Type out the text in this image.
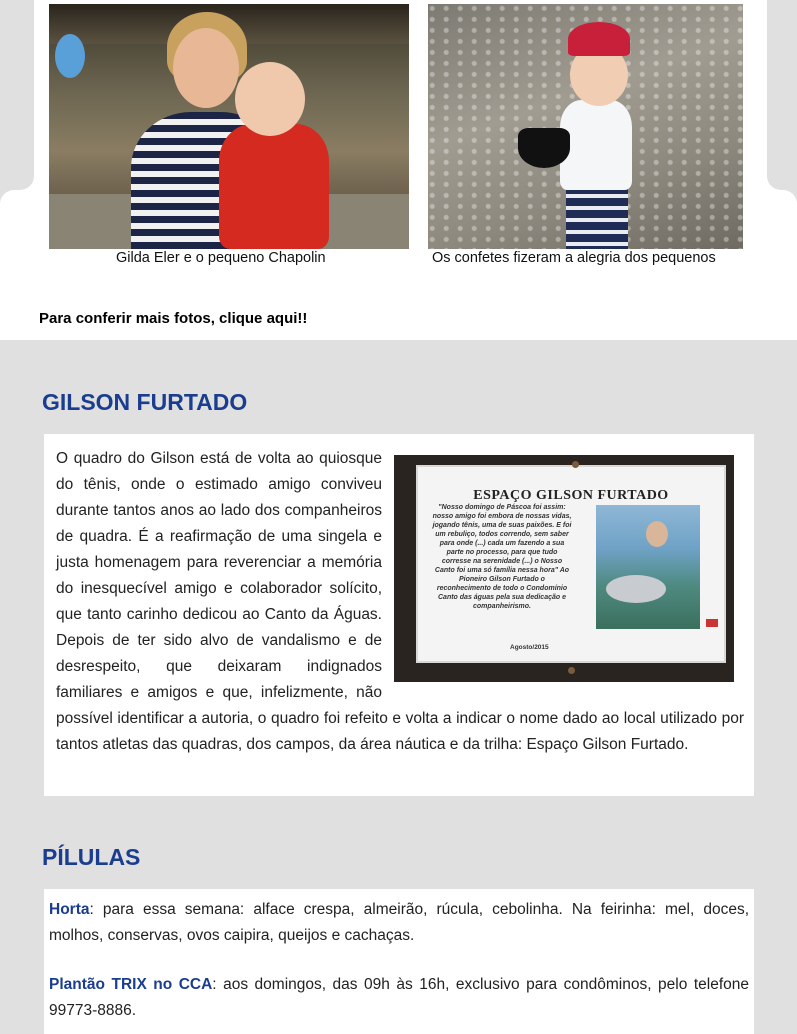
Gilda Eler e o pequeno Chapolin	Os confetes fizeram a alegria dos pequenos
Para conferir mais fotos, clique aqui!!
GILSON FURTADO
ESPAÇO GILSON FURTADO
"Nosso domingo de Páscoa foi assim: nosso amigo foi embora de nossas vidas, jogando tênis, uma de suas paixões. E foi um rebuliço, todos correndo, sem saber para onde (...) cada um fazendo a sua parte no processo, para que tudo corresse na serenidade (...) o Nosso Canto foi uma só família nessa hora" Ao Pioneiro Gilson Furtado o reconhecimento de todo o Condomínio Canto das águas pela sua dedicação e companheirismo.
Agosto/2015
O quadro do Gilson está de volta ao quiosque do tênis, onde o estimado amigo conviveu durante tantos anos ao lado dos companheiros de quadra. É a reafirmação de uma singela e justa homenagem para reverenciar a memória do inesquecível amigo e colaborador solícito, que tanto carinho dedicou ao Canto da Águas. Depois de ter sido alvo de vandalismo e de desrespeito, que deixaram indignados familiares e amigos e que, infelizmente, não possível identificar a autoria, o quadro foi refeito e volta a indicar o nome dado ao local utilizado por tantos atletas das quadras, dos campos, da área náutica e da trilha: Espaço Gilson Furtado.
PÍLULAS

Horta: para essa semana: alface crespa, almeirão, rúcula, cebolinha. Na feirinha: mel, doces, molhos, conservas, ovos caipira, queijos e cachaças.

Plantão TRIX no CCA: aos domingos, das 09h às 16h, exclusivo para condôminos, pelo telefone 99773-8886.
